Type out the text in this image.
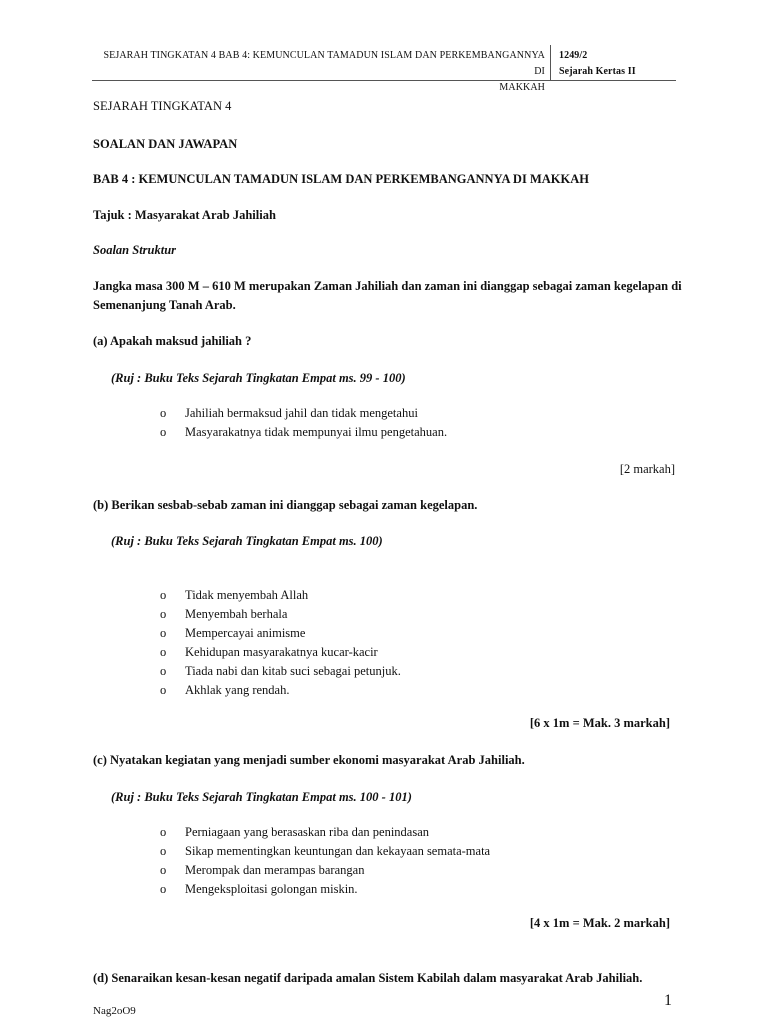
SEJARAH TINGKATAN 4 BAB 4: KEMUNCULAN TAMADUN ISLAM DAN PERKEMBANGANNYA DI
MAKKAH
1249/2
Sejarah Kertas II
SEJARAH TINGKATAN 4
SOALAN DAN JAWAPAN
BAB 4 : KEMUNCULAN TAMADUN ISLAM DAN PERKEMBANGANNYA DI MAKKAH
Tajuk : Masyarakat Arab Jahiliah
Soalan Struktur
Jangka masa 300 M – 610 M merupakan Zaman Jahiliah dan zaman ini dianggap sebagai zaman kegelapan di Semenanjung Tanah Arab.
(a) Apakah maksud jahiliah ?
(Ruj : Buku Teks Sejarah Tingkatan Empat ms. 99 - 100)
o	Jahiliah bermaksud jahil dan tidak mengetahui
o	Masyarakatnya tidak mempunyai ilmu pengetahuan.
[2 markah]
(b) Berikan sesbab-sebab zaman ini dianggap sebagai zaman kegelapan.
(Ruj : Buku Teks Sejarah Tingkatan Empat ms. 100)
o	Tidak menyembah Allah
o	Menyembah berhala
o	Mempercayai animisme
o	Kehidupan masyarakatnya kucar-kacir
o	Tiada nabi dan kitab suci sebagai petunjuk.
o	Akhlak yang rendah.
[6 x 1m = Mak. 3 markah]
(c) Nyatakan kegiatan yang menjadi sumber ekonomi masyarakat Arab Jahiliah.
(Ruj : Buku Teks Sejarah Tingkatan Empat ms. 100 - 101)
o	Perniagaan yang berasaskan riba dan penindasan
o	Sikap mementingkan keuntungan dan kekayaan semata-mata
o	Merompak dan merampas barangan
o	Mengeksploitasi golongan miskin.
[4 x 1m = Mak. 2 markah]
(d) Senaraikan kesan-kesan negatif daripada amalan Sistem Kabilah dalam masyarakat Arab Jahiliah.
1
Nag2oO9
